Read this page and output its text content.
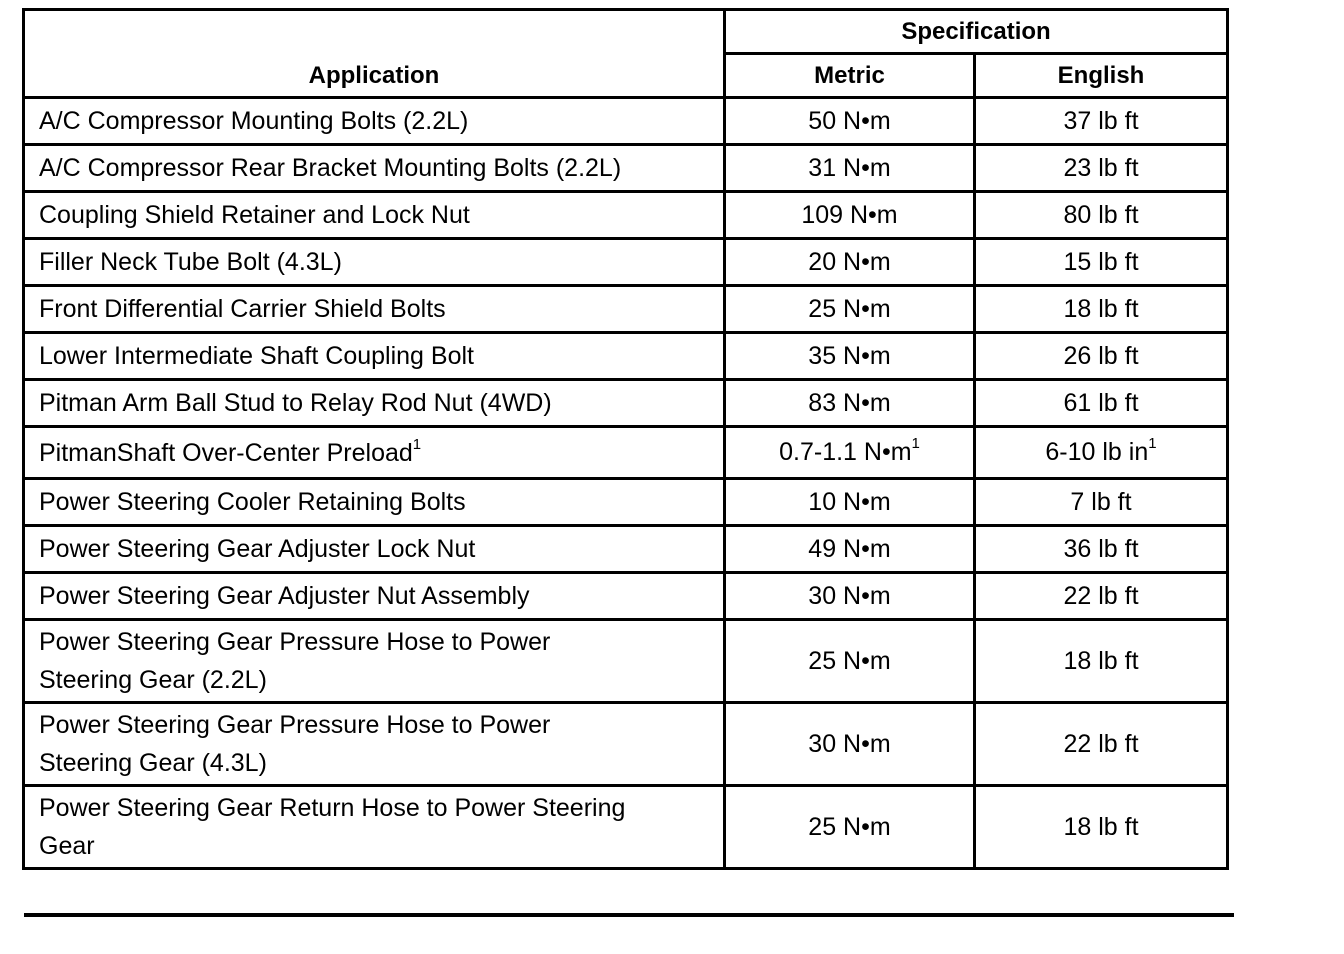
Application	Specification	
	Metric	English
A/C Compressor Mounting Bolts (2.2L)	50 N•m	37 lb ft
A/C Compressor Rear Bracket Mounting Bolts (2.2L)	31 N•m	23 lb ft
Coupling Shield Retainer and Lock Nut	109 N•m	80 lb ft
Filler Neck Tube Bolt (4.3L)	20 N•m	15 lb ft
Front Differential Carrier Shield Bolts	25 N•m	18 lb ft
Lower Intermediate Shaft Coupling Bolt	35 N•m	26 lb ft
Pitman Arm Ball Stud to Relay Rod Nut (4WD)	83 N•m	61 lb ft
PitmanShaft Over-Center Preload$^1$	0.7-1.1 $N•m^1$	6-10 lb $in^1$
Power Steering Cooler Retaining Bolts	10 N•m	7 lb ft
Power Steering Gear Adjuster Lock Nut	49 N•m	36 lb ft
Power Steering Gear Adjuster Nut Assembly	30 N•m	22 lb ft

Power Steering Gear Pressure Hose to Power
Steering Gear (2.2L)	25 N•m	18 lb ft

Power Steering Gear Pressure Hose to Power
Steering Gear (4.3L)	30 N•m	22 lb ft

Power Steering Gear Return Hose to Power Steering
Gear	25 N•m	18 lb ft
